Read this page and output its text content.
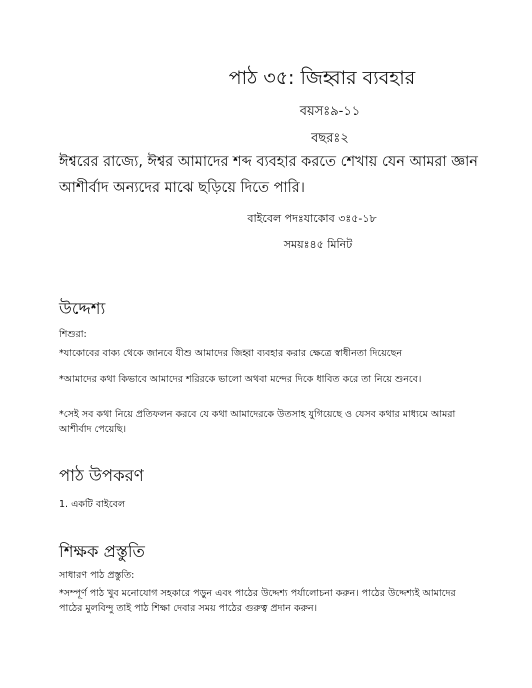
পাঠ ৩৫: জিহ্বার ব্যবহার
বয়সঃ৯-১১
বছরঃ২
ঈশ্বরের রাজ্যে, ঈশ্বর আমাদের শব্দ ব্যবহার করতে শেখায় যেন আমরা জ্ঞান আশীর্বাদ অন্যদের মাঝে ছড়িয়ে দিতে পারি।
বাইবেল পদঃযাকোব ৩ঃ৫-১৮
সময়ঃ৪৫ মিনিট
উদ্দেশ্য
শিশুরা:
*যাকোবের বাক্য থেকে জানবে যীশু আমাদের জিহ্বা ব্যবহার করার ক্ষেত্রে স্বাধীনতা দিয়েছেন
*আমাদের কথা কিভাবে আমাদের শরিরকে ভালো অথবা মন্দের দিকে ধাবিত করে তা নিয়ে শুনবে।
*সেই সব কথা নিয়ে প্রতিফলন করবে যে কথা আমাদেরকে উতসাহ যুগিয়েছে ও যেসব কথার মাধ্যমে আমরা আশীর্বাদ পেয়েছি।
পাঠ উপকরণ
1. একটি বাইবেল
শিক্ষক প্রস্তুতি
সাধারণ পাঠ প্রস্তুতি:
*সম্পূর্ণ পাঠ খুব মনোযোগ সহকারে পড়ুন এবং পাঠের উদ্দেশ্য পর্যালোচনা করুন। পাঠের উদ্দেশ্যই আমাদের পাঠের মুলবিন্দু তাই পাঠ শিক্ষা দেবার সময় পাঠের গুরুত্ব প্রদান করুন।
